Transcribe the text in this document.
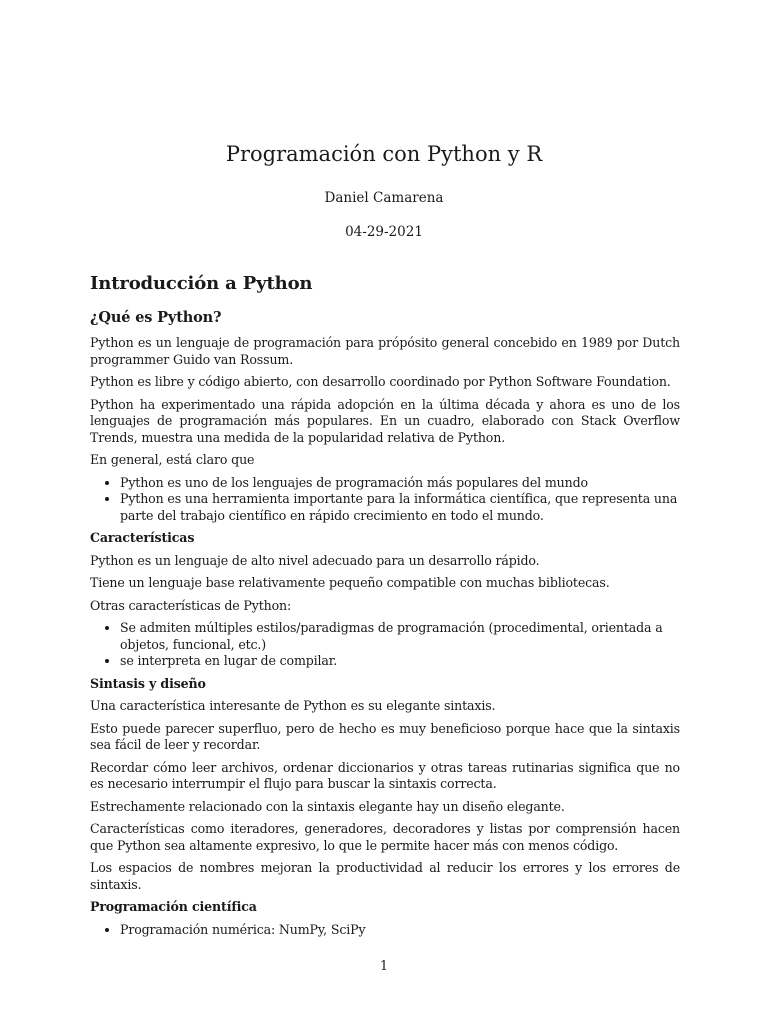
Programación con Python y R
Daniel Camarena
04-29-2021
Introducción a Python
¿Qué es Python?

Python es un lenguaje de programación para própósito general concebido en 1989 por Dutch programmer Guido van Rossum.

Python es libre y código abierto, con desarrollo coordinado por Python Software Foundation.

Python ha experimentado una rápida adopción en la última década y ahora es uno de los lenguajes de programación más populares. En un cuadro, elaborado con Stack Overflow Trends, muestra una medida de la popularidad relativa de Python.

En general, está claro que

• Python es uno de los lenguajes de programación más populares del mundo
• Python es una herramienta importante para la informática científica, que representa una parte del trabajo científico en rápido crecimiento en todo el mundo.
Características

Python es un lenguaje de alto nivel adecuado para un desarrollo rápido.

Tiene un lenguaje base relativamente pequeño compatible con muchas bibliotecas.

Otras características de Python:

• Se admiten múltiples estilos/paradigmas de programación (procedimental, orientada a objetos, funcional, etc.)
• se interpreta en lugar de compilar.
Sintasis y diseño

Una característica interesante de Python es su elegante sintaxis.

Esto puede parecer superfluo, pero de hecho es muy beneficioso porque hace que la sintaxis sea fácil de leer y recordar.

Recordar cómo leer archivos, ordenar diccionarios y otras tareas rutinarias significa que no es necesario interrumpir el flujo para buscar la sintaxis correcta.

Estrechamente relacionado con la sintaxis elegante hay un diseño elegante.

Características como iteradores, generadores, decoradores y listas por comprensión hacen que Python sea altamente expresivo, lo que le permite hacer más con menos código.

Los espacios de nombres mejoran la productividad al reducir los errores y los errores de sintaxis.

Programación científica
• Programación numérica: NumPy, SciPy
1
